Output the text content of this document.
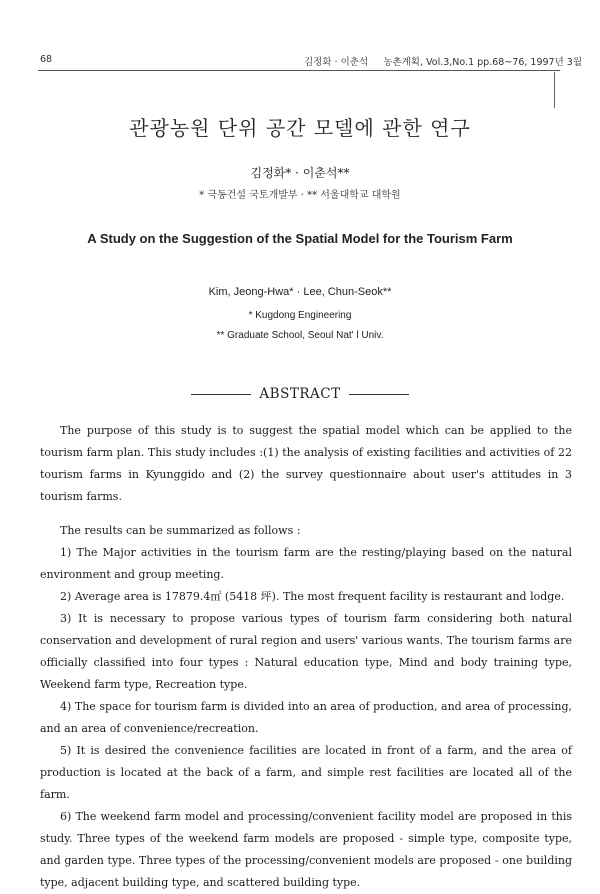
68	김정화 · 이춘석 농촌계획, Vol.3,No.1 pp.68~76, 1997년 3월
관광농원 단위 공간 모델에 관한 연구
김정화* · 이춘석**
* 극동건설 국토개발부 · ** 서울대학교 대학원
A Study on the Suggestion of the Spatial Model for the Tourism Farm
Kim, Jeong-Hwa* · Lee, Chun-Seok**
* Kugdong Engineering
** Graduate School, Seoul Nat' l Univ.
ABSTRACT

The purpose of this study is to suggest the spatial model which can be applied to the tourism farm plan. This study includes :(1) the analysis of existing facilities and activities of 22 tourism farms in Kyunggido and (2) the survey questionnaire about user's attitudes in 3 tourism farms.

The results can be summarized as follows :

1) The Major activities in the tourism farm are the resting/playing based on the natural environment and group meeting.

2) Average area is 17879.4㎡ (5418 坪). The most frequent facility is restaurant and lodge.

3) It is necessary to propose various types of tourism farm considering both natural conservation and development of rural region and users' various wants. The tourism farms are officially classified into four types : Natural education type, Mind and body training type, Weekend farm type, Recreation type.

4) The space for tourism farm is divided into an area of production, and area of processing, and an area of convenience/recreation.

5) It is desired the convenience facilities are located in front of a farm, and the area of production is located at the back of a farm, and simple rest facilities are located all of the farm.

6) The weekend farm model and processing/convenient facility model are proposed in this study. Three types of the weekend farm models are proposed - simple type, composite type, and garden type. Three types of the processing/convenient models are proposed - one building type, adjacent building type, and scattered building type.
